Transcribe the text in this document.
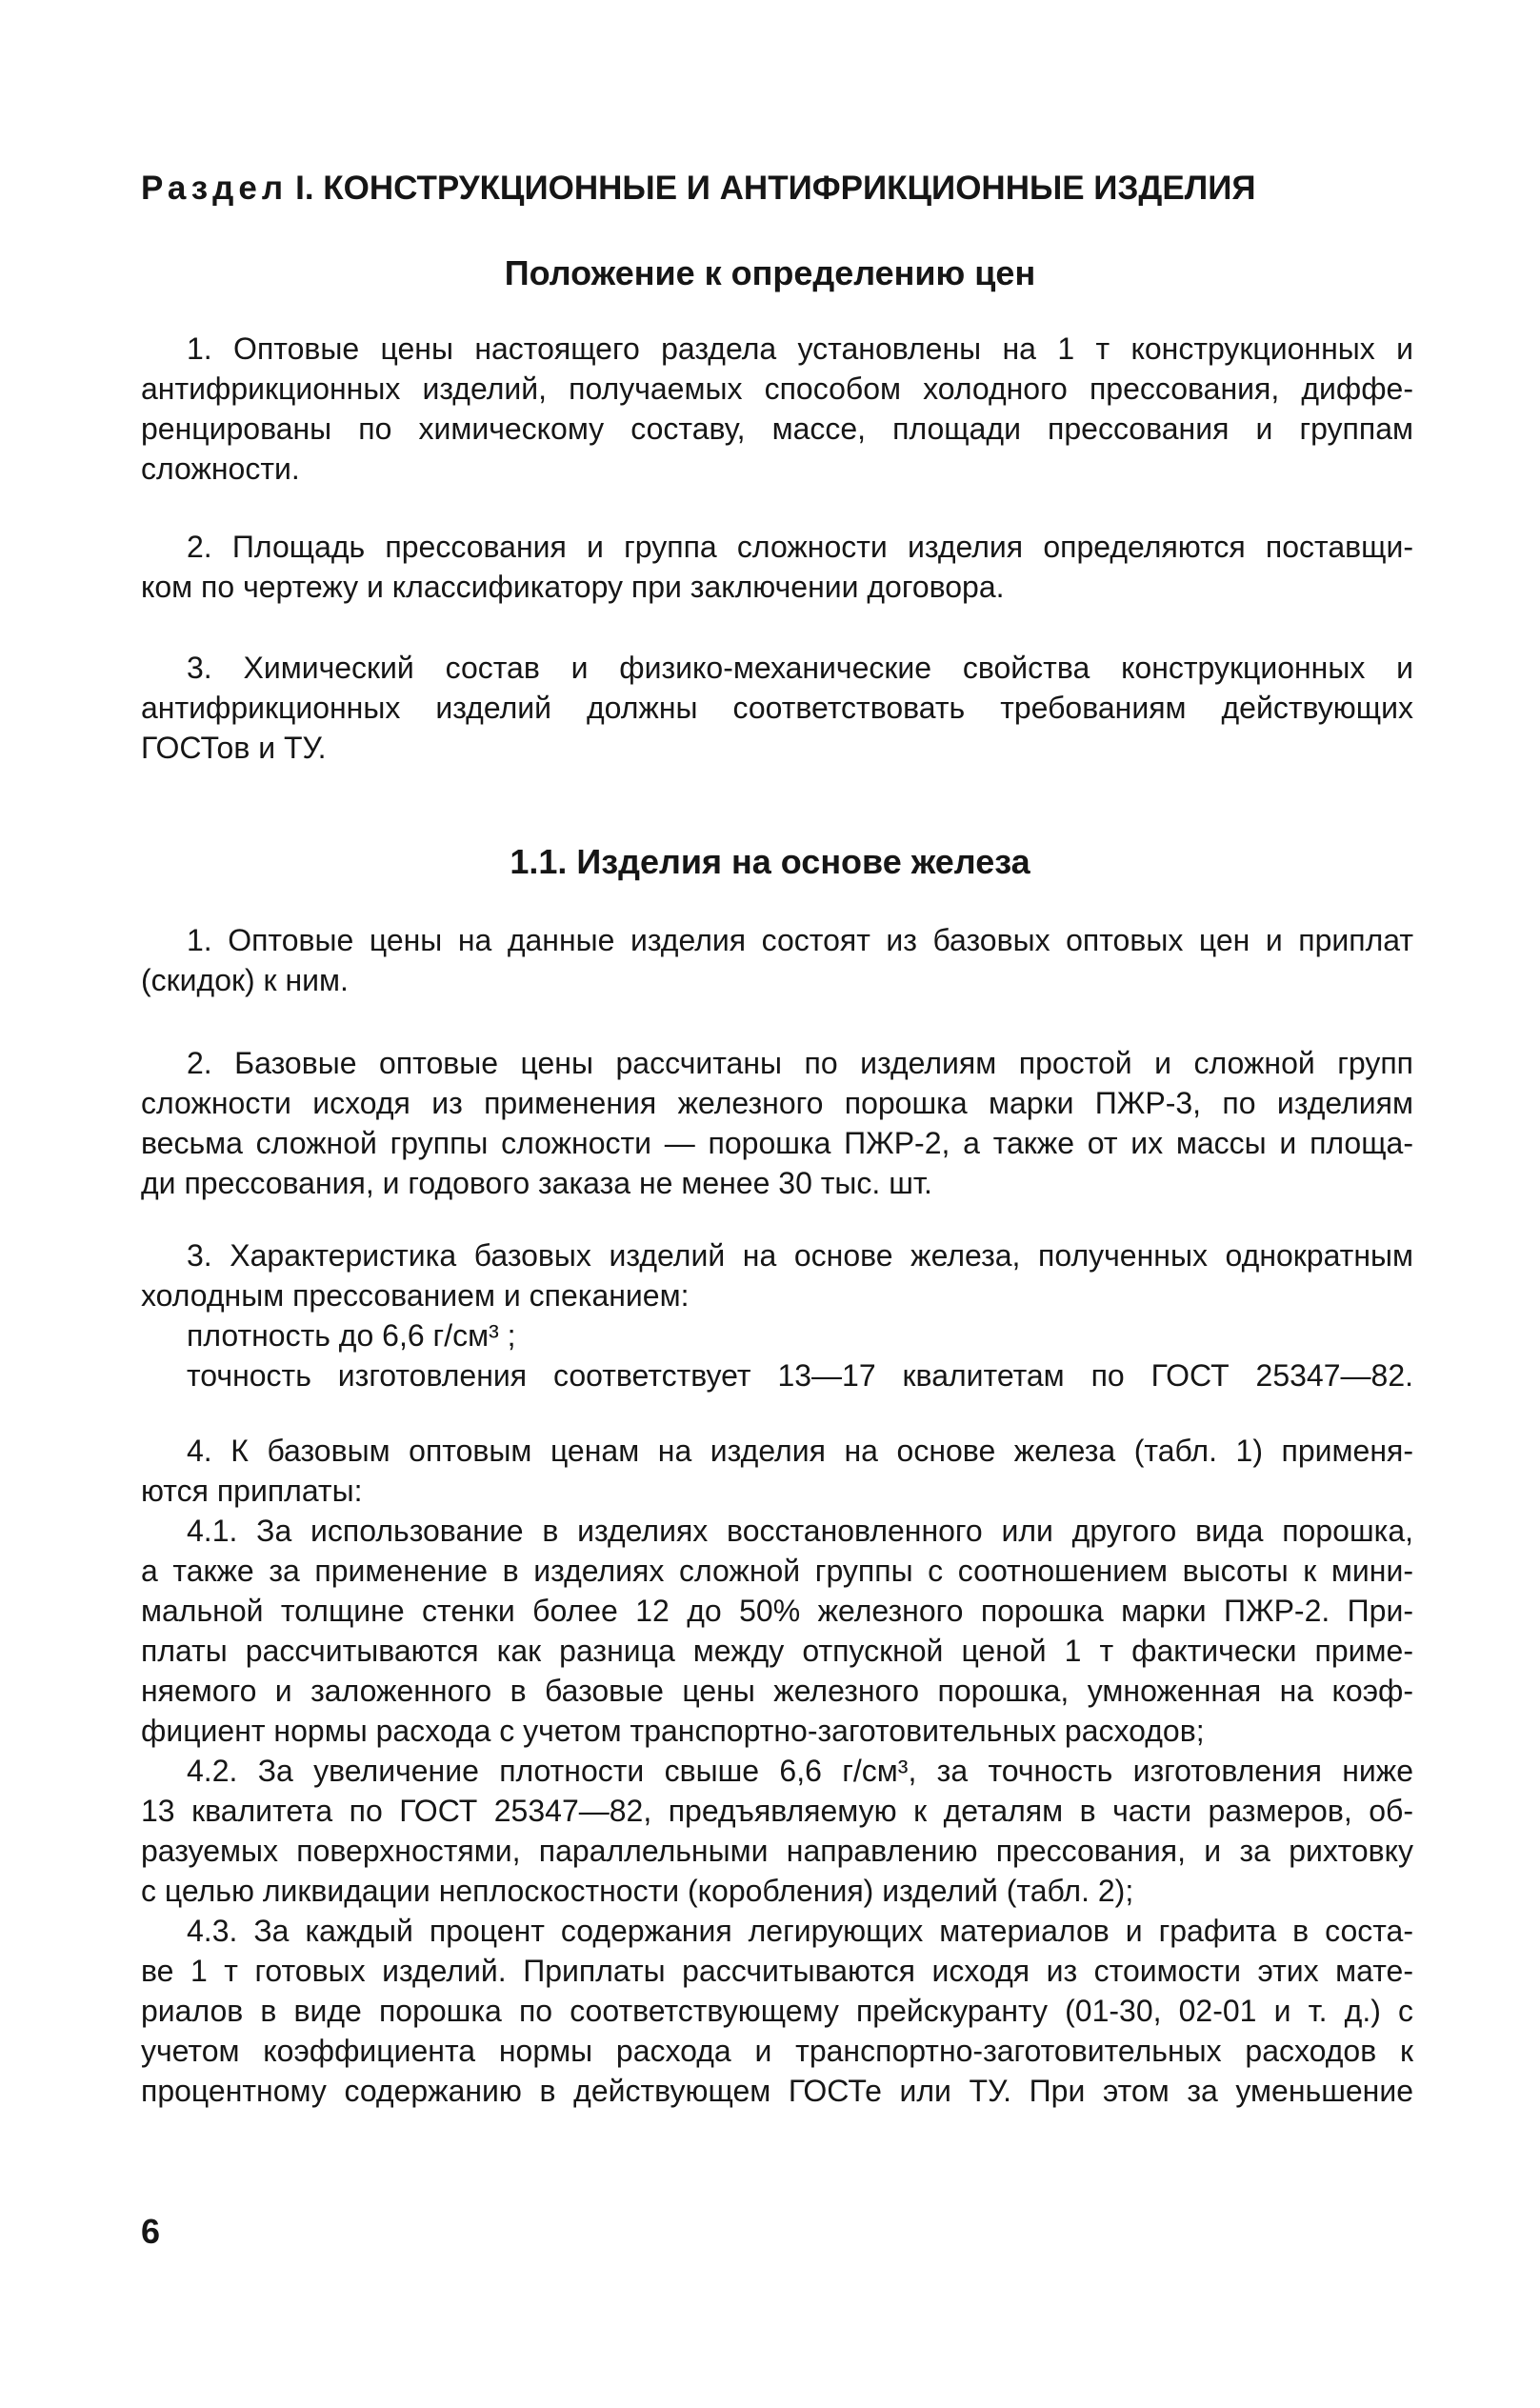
Раздел I. КОНСТРУКЦИОННЫЕ И АНТИФРИКЦИОННЫЕ ИЗДЕЛИЯ
Положение к определению цен
1. Оптовые цены настоящего раздела установлены на 1 т конструкционных и
антифрикционных изделий, получаемых способом холодного прессования, диффе-
ренцированы по химическому составу, массе, площади прессования и группам
сложности.
2. Площадь прессования и группа сложности изделия определяются поставщи-
ком по чертежу и классификатору при заключении договора.
3. Химический состав и физико-механические свойства конструкционных и
антифрикционных изделий должны соответствовать требованиям действующих
ГОСТов и ТУ.
1.1. Изделия на основе железа
1. Оптовые цены на данные изделия состоят из базовых оптовых цен и приплат
(скидок) к ним.
2. Базовые оптовые цены рассчитаны по изделиям простой и сложной групп
сложности исходя из применения железного порошка марки ПЖР-3, по изделиям
весьма сложной группы сложности — порошка ПЖР-2, а также от их массы и площа-
ди прессования, и годового заказа не менее 30 тыс. шт.
3. Характеристика базовых изделий на основе железа, полученных однократным
холодным прессованием и спеканием:
плотность до 6,6 г/см³ ;
точность изготовления соответствует 13—17 квалитетам по ГОСТ 25347—82.
4. К базовым оптовым ценам на изделия на основе железа (табл. 1) применя-
ются приплаты:
4.1. За использование в изделиях восстановленного или другого вида порошка,
а также за применение в изделиях сложной группы с соотношением высоты к мини-
мальной толщине стенки более 12 до 50% железного порошка марки ПЖР-2. При-
платы рассчитываются как разница между отпускной ценой 1 т фактически приме-
няемого и заложенного в базовые цены железного порошка, умноженная на коэф-
фициент нормы расхода с учетом транспортно-заготовительных расходов;
4.2. За увеличение плотности свыше 6,6 г/см³, за точность изготовления ниже
13 квалитета по ГОСТ 25347—82, предъявляемую к деталям в части размеров, об-
разуемых поверхностями, параллельными направлению прессования, и за рихтовку
с целью ликвидации неплоскостности (коробления) изделий (табл. 2);
4.3. За каждый процент содержания легирующих материалов и графита в соста-
ве 1 т готовых изделий. Приплаты рассчитываются исходя из стоимости этих мате-
риалов в виде порошка по соответствующему прейскуранту (01-30, 02-01 и т. д.) с
учетом коэффициента нормы расхода и транспортно-заготовительных расходов к
процентному содержанию в действующем ГОСТе или ТУ. При этом за уменьшение
6
